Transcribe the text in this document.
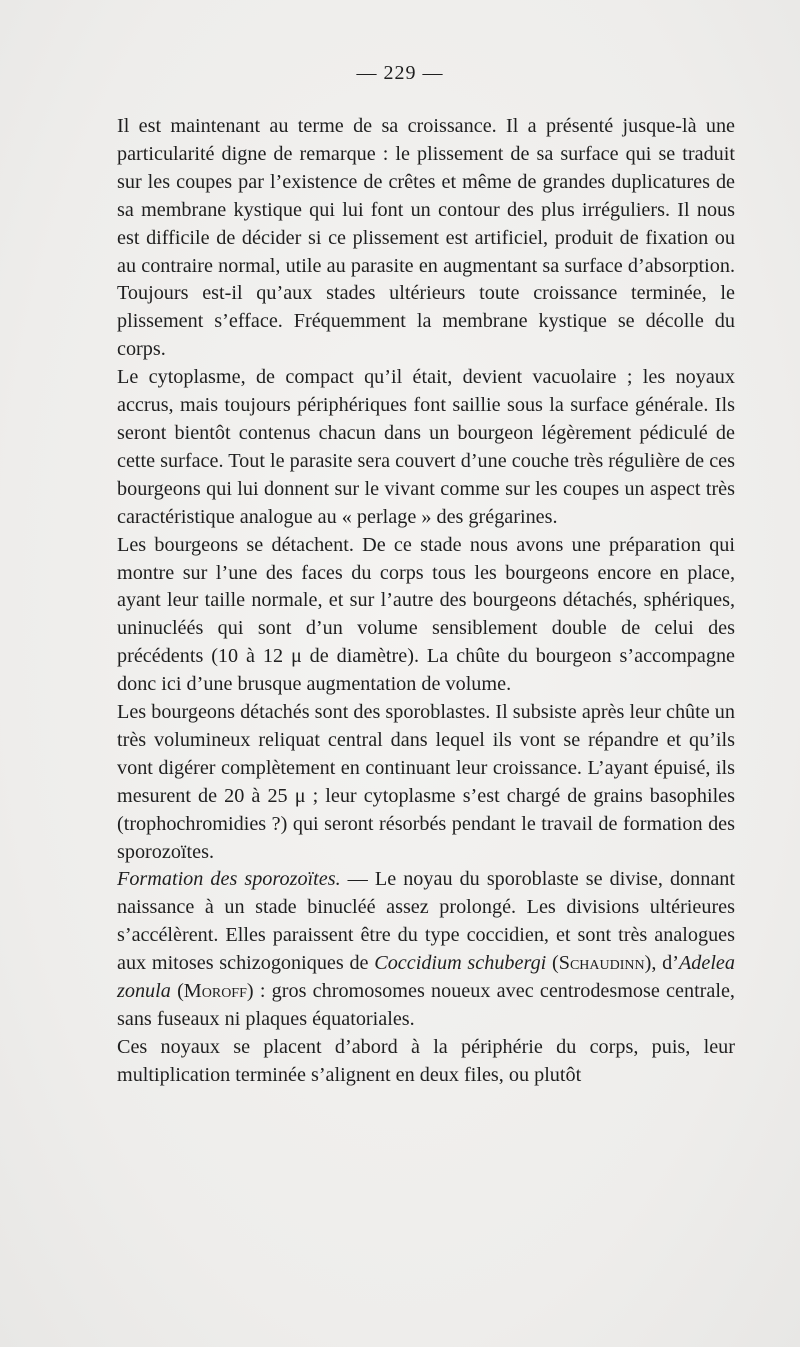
— 229 —

Il est maintenant au terme de sa croissance. Il a présenté jusque-là une particularité digne de remarque : le plissement de sa surface qui se traduit sur les coupes par l’existence de crêtes et même de grandes duplicatures de sa membrane kystique qui lui font un contour des plus irréguliers. Il nous est difficile de décider si ce plissement est artificiel, produit de fixation ou au contraire normal, utile au parasite en augmentant sa surface d’absorption. Toujours est-il qu’aux stades ultérieurs toute croissance terminée, le plissement s’efface. Fréquemment la membrane kystique se décolle du corps.

Le cytoplasme, de compact qu’il était, devient vacuolaire ; les noyaux accrus, mais toujours périphériques font saillie sous la surface générale. Ils seront bientôt contenus chacun dans un bourgeon légèrement pédiculé de cette surface. Tout le parasite sera couvert d’une couche très régulière de ces bourgeons qui lui donnent sur le vivant comme sur les coupes un aspect très caractéristique analogue au « perlage » des grégarines.

Les bourgeons se détachent. De ce stade nous avons une préparation qui montre sur l’une des faces du corps tous les bourgeons encore en place, ayant leur taille normale, et sur l’autre des bourgeons détachés, sphériques, uninucléés qui sont d’un volume sensiblement double de celui des précédents (10 à 12 μ de diamètre). La chûte du bourgeon s’accompagne donc ici d’une brusque augmentation de volume.

Les bourgeons détachés sont des sporoblastes. Il subsiste après leur chûte un très volumineux reliquat central dans lequel ils vont se répandre et qu’ils vont digérer complètement en continuant leur croissance. L’ayant épuisé, ils mesurent de 20 à 25 μ ; leur cytoplasme s’est chargé de grains basophiles (trophochromidies ?) qui seront résorbés pendant le travail de formation des sporozoïtes.

Formation des sporozoïtes. — Le noyau du sporoblaste se divise, donnant naissance à un stade binucléé assez prolongé. Les divisions ultérieures s’accélèrent. Elles paraissent être du type coccidien, et sont très analogues aux mitoses schizogoniques de Coccidium schubergi (Schaudinn), d’Adelea zonula (Moroff) : gros chromosomes noueux avec centrodesmose centrale, sans fuseaux ni plaques équatoriales.

Ces noyaux se placent d’abord à la périphérie du corps, puis, leur multiplication terminée s’alignent en deux files, ou plutôt
